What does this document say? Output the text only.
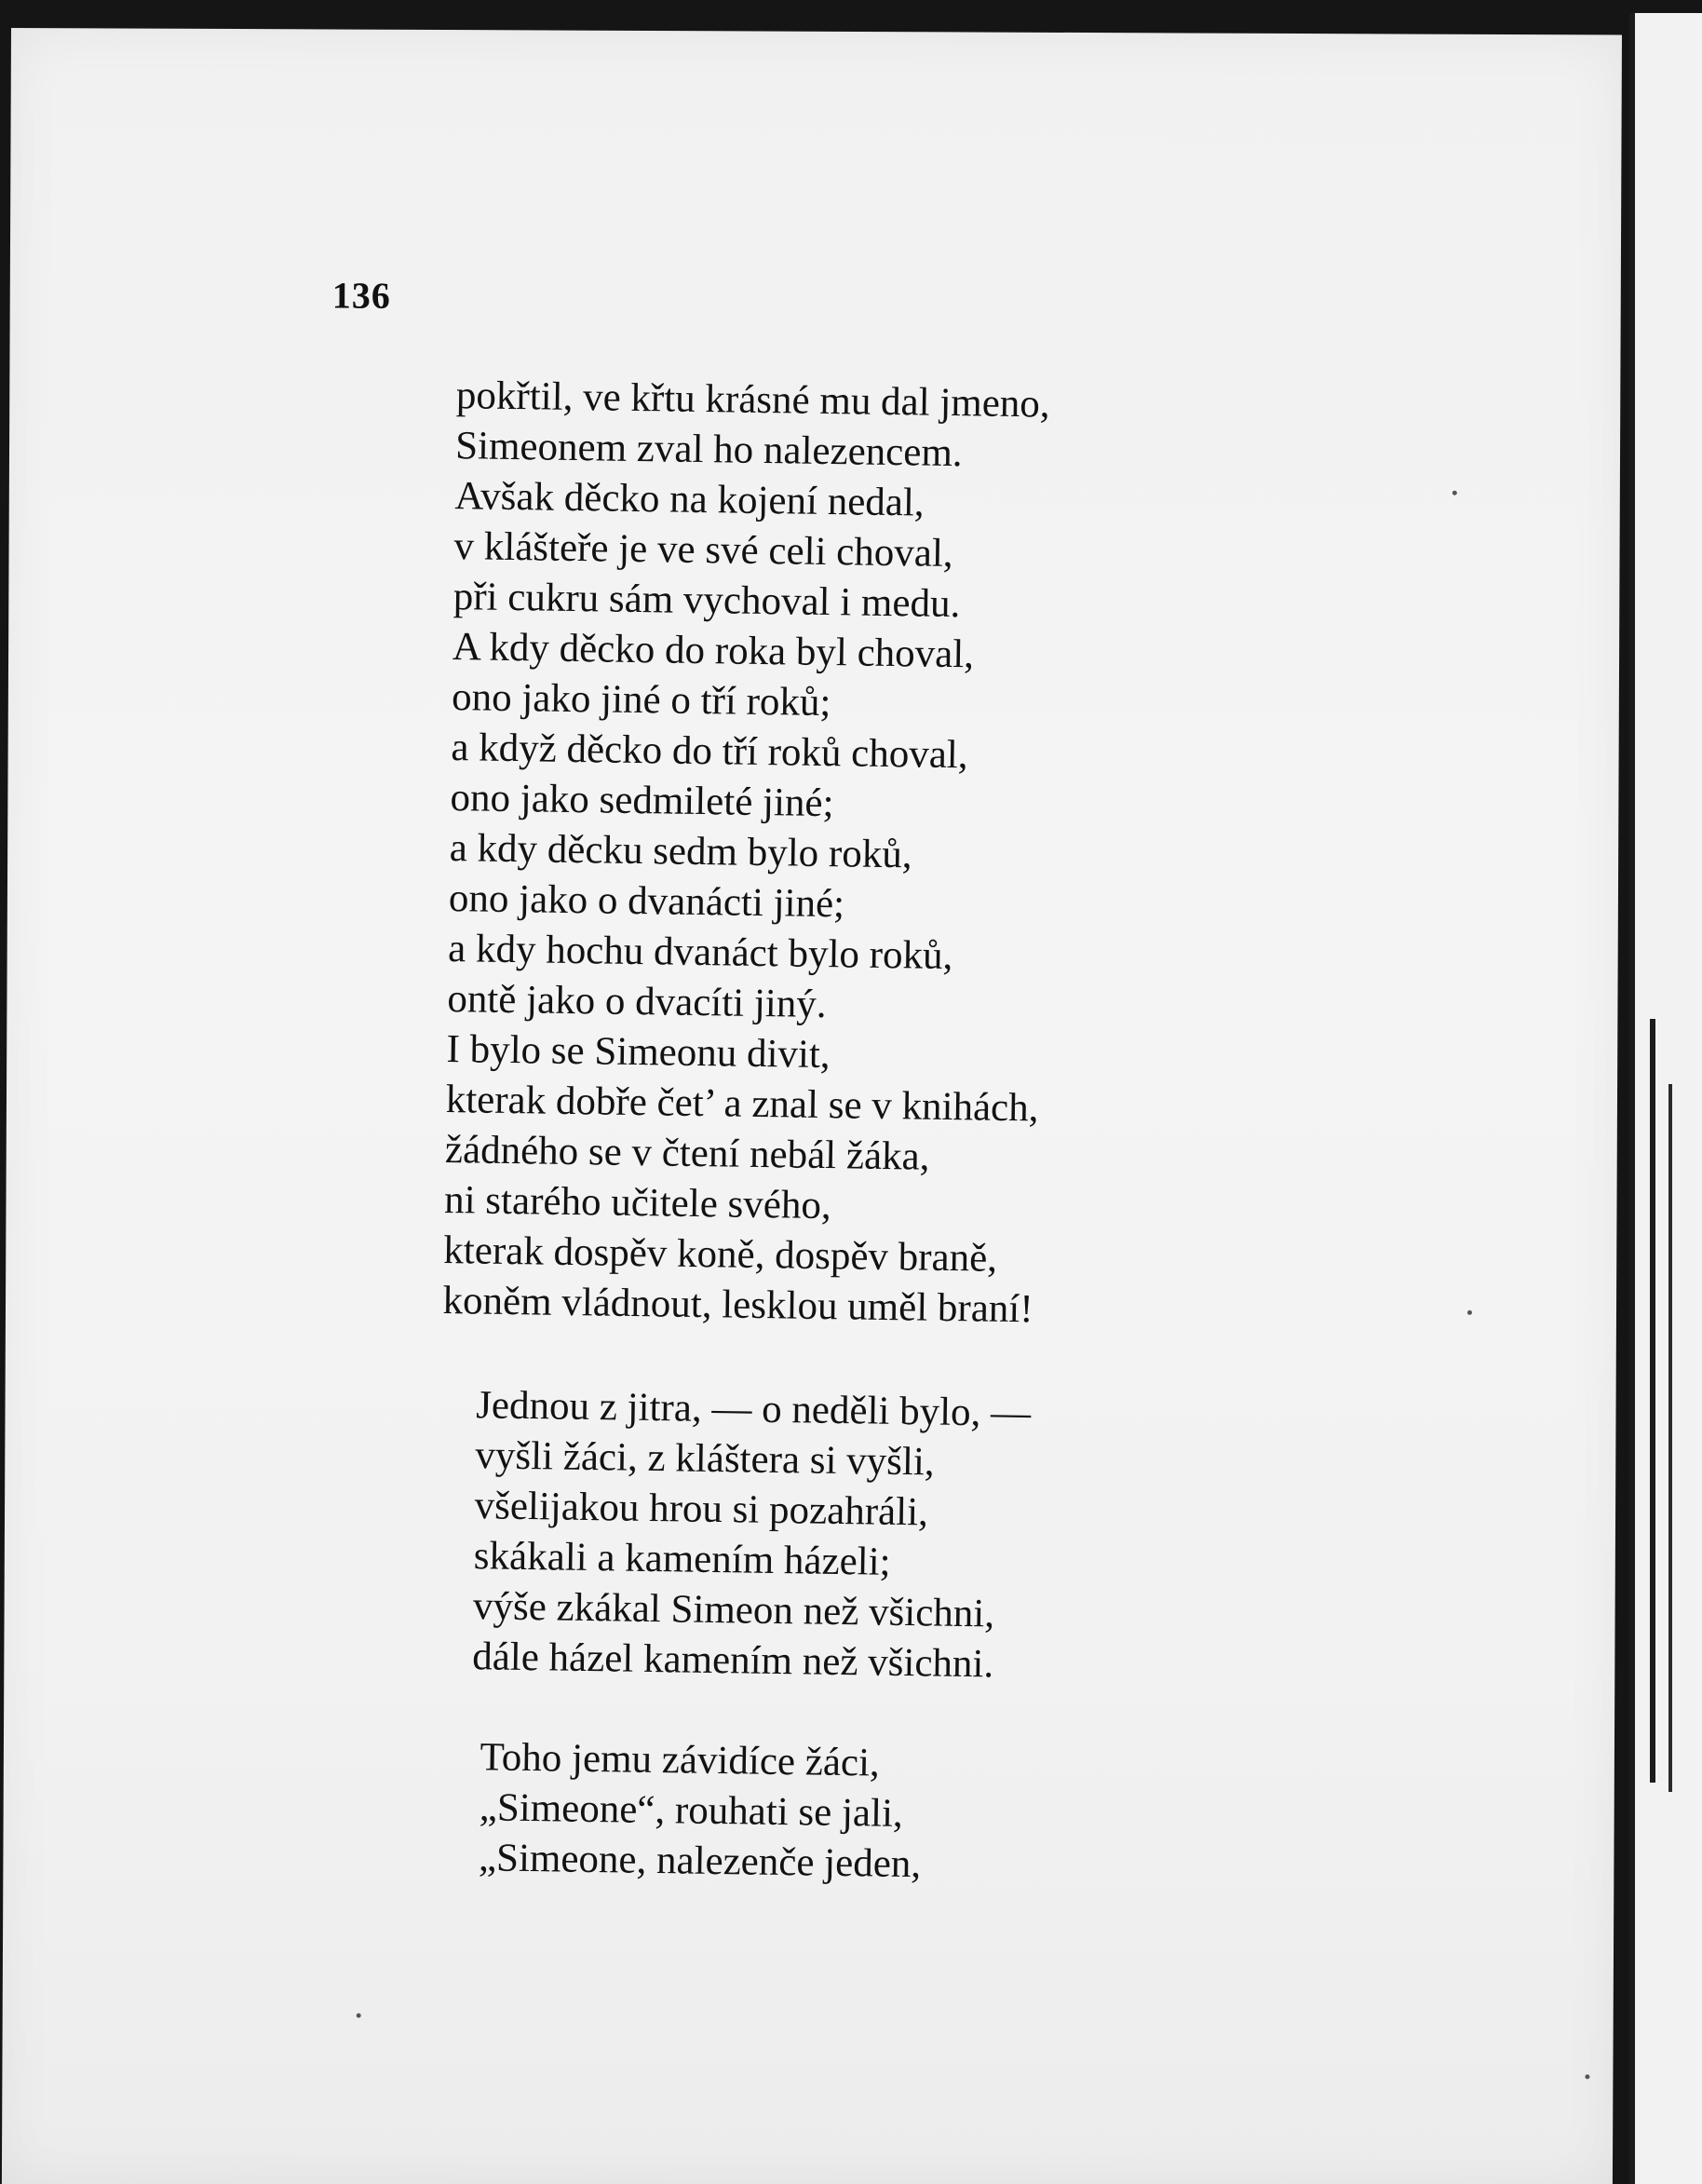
136
pokřtil, ve křtu krásné mu dal jmeno,
Simeonem zval ho nalezencem.
Avšak děcko na kojení nedal,
v klášteře je ve své celi choval,
při cukru sám vychoval i medu.
A kdy děcko do roka byl choval,
ono jako jiné o tří roků;
a když děcko do tří roků choval,
ono jako sedmileté jiné;
a kdy děcku sedm bylo roků,
ono jako o dvanácti jiné;
a kdy hochu dvanáct bylo roků,
ontě jako o dvacíti jiný.
I bylo se Simeonu divit,
kterak dobře čet’ a znal se v knihách,
žádného se v čtení nebál žáka,
ni starého učitele svého,
kterak dospěv koně, dospěv braně,
koněm vládnout, lesklou uměl braní!
Jednou z jitra, — o neděli bylo, —
vyšli žáci, z kláštera si vyšli,
všelijakou hrou si pozahráli,
skákali a kamením házeli;
výše zkákal Simeon než všichni,
dále házel kamením než všichni.
Toho jemu závidíce žáci,
„Simeone“, rouhati se jali,
„Simeone, nalezenče jeden,
